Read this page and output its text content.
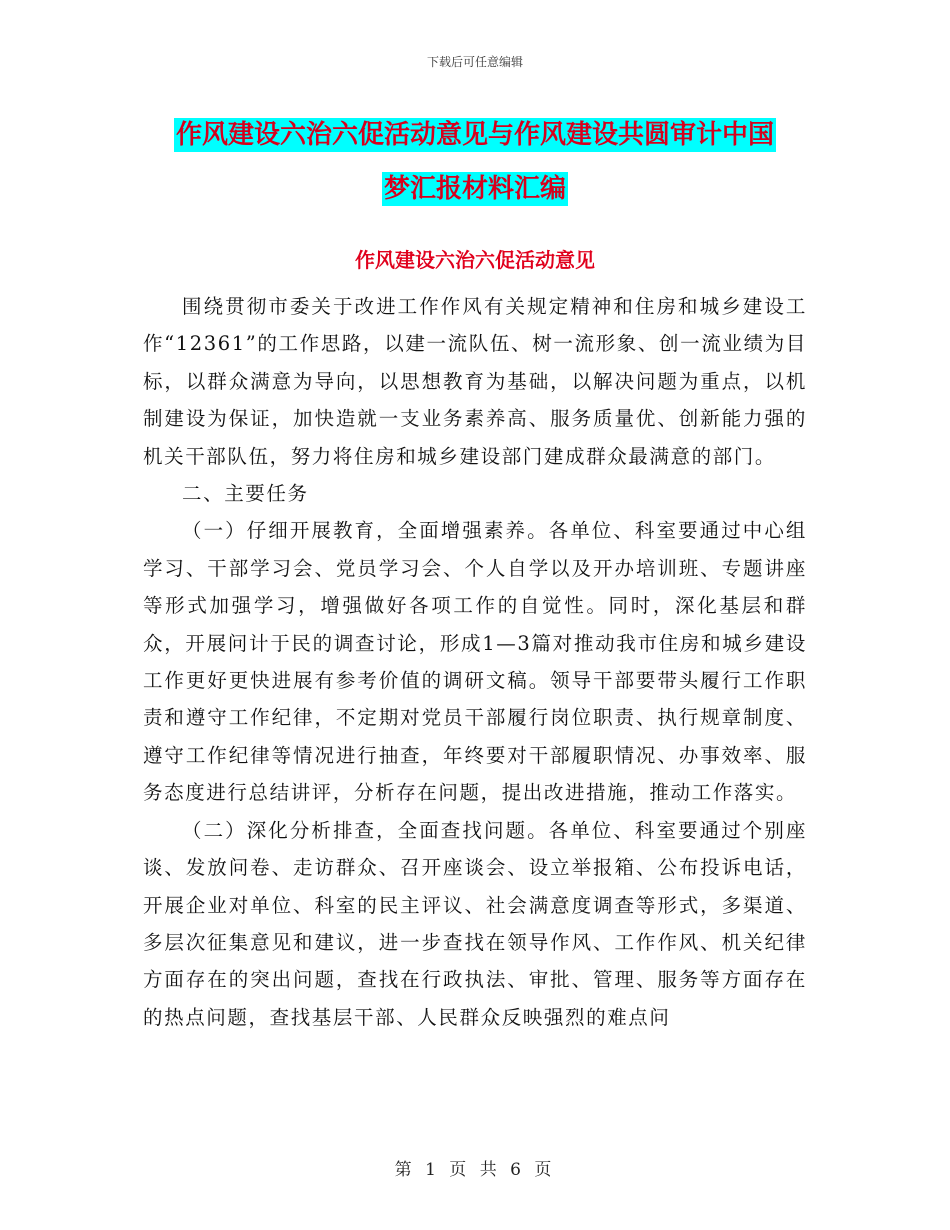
下载后可任意编辑
作风建设六治六促活动意见与作风建设共圆审计中国
梦汇报材料汇编
作风建设六治六促活动意见

围绕贯彻市委关于改进工作作风有关规定精神和住房和城乡建设工作“12361”的工作思路，以建一流队伍、树一流形象、创一流业绩为目标，以群众满意为导向，以思想教育为基础，以解决问题为重点，以机制建设为保证，加快造就一支业务素养高、服务质量优、创新能力强的机关干部队伍，努力将住房和城乡建设部门建成群众最满意的部门。

二、主要任务

（一）仔细开展教育，全面增强素养。各单位、科室要通过中心组学习、干部学习会、党员学习会、个人自学以及开办培训班、专题讲座等形式加强学习，增强做好各项工作的自觉性。同时，深化基层和群众，开展问计于民的调查讨论，形成1—3篇对推动我市住房和城乡建设工作更好更快进展有参考价值的调研文稿。领导干部要带头履行工作职责和遵守工作纪律，不定期对党员干部履行岗位职责、执行规章制度、遵守工作纪律等情况进行抽查，年终要对干部履职情况、办事效率、服务态度进行总结讲评，分析存在问题，提出改进措施，推动工作落实。

（二）深化分析排查，全面查找问题。各单位、科室要通过个别座谈、发放问卷、走访群众、召开座谈会、设立举报箱、公布投诉电话，开展企业对单位、科室的民主评议、社会满意度调查等形式，多渠道、多层次征集意见和建议，进一步查找在领导作风、工作作风、机关纪律方面存在的突出问题，查找在行政执法、审批、管理、服务等方面存在的热点问题，查找基层干部、人民群众反映强烈的难点问

第 1 页 共 6 页
